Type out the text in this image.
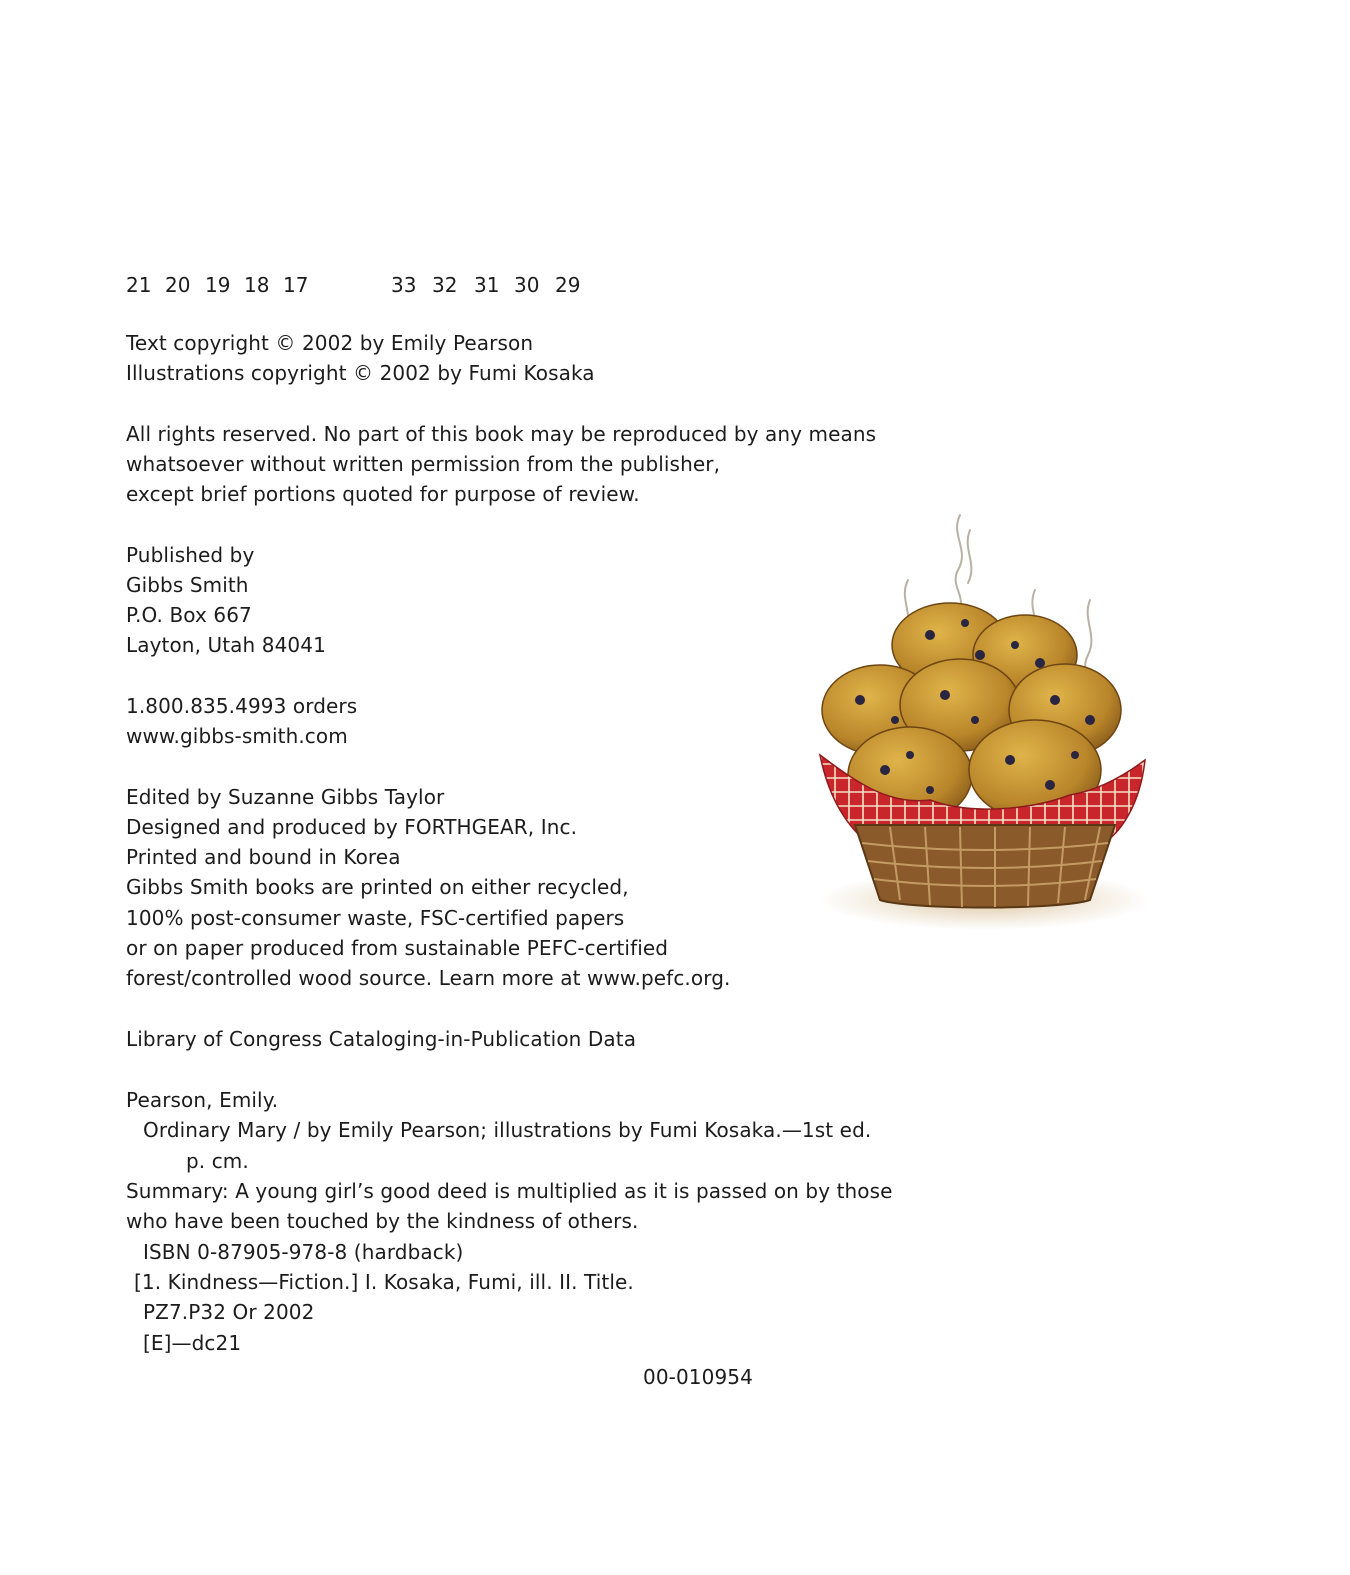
21 20 19 18 17	33 32 31 30 29
Text copyright © 2002 by Emily Pearson
Illustrations copyright © 2002 by Fumi Kosaka
All rights reserved. No part of this book may be reproduced by any means
whatsoever without written permission from the publisher,
except brief portions quoted for purpose of review.
Published by
Gibbs Smith
P.O. Box 667
Layton, Utah 84041
1.800.835.4993 orders
www.gibbs-smith.com
Edited by Suzanne Gibbs Taylor
Designed and produced by FORTHGEAR, Inc.
Printed and bound in Korea
Gibbs Smith books are printed on either recycled,
100% post-consumer waste, FSC-certified papers
or on paper produced from sustainable PEFC-certified
forest/controlled wood source. Learn more at www.pefc.org.
Library of Congress Cataloging-in-Publication Data
Pearson, Emily.
Ordinary Mary / by Emily Pearson; illustrations by Fumi Kosaka.—1st ed.
p. cm.
Summary: A young girl’s good deed is multiplied as it is passed on by those
who have been touched by the kindness of others.
ISBN 0-87905-978-8 (hardback)
[1. Kindness—Fiction.] I. Kosaka, Fumi, ill. II. Title.
PZ7.P32 Or 2002
[E]—dc21
00-010954
